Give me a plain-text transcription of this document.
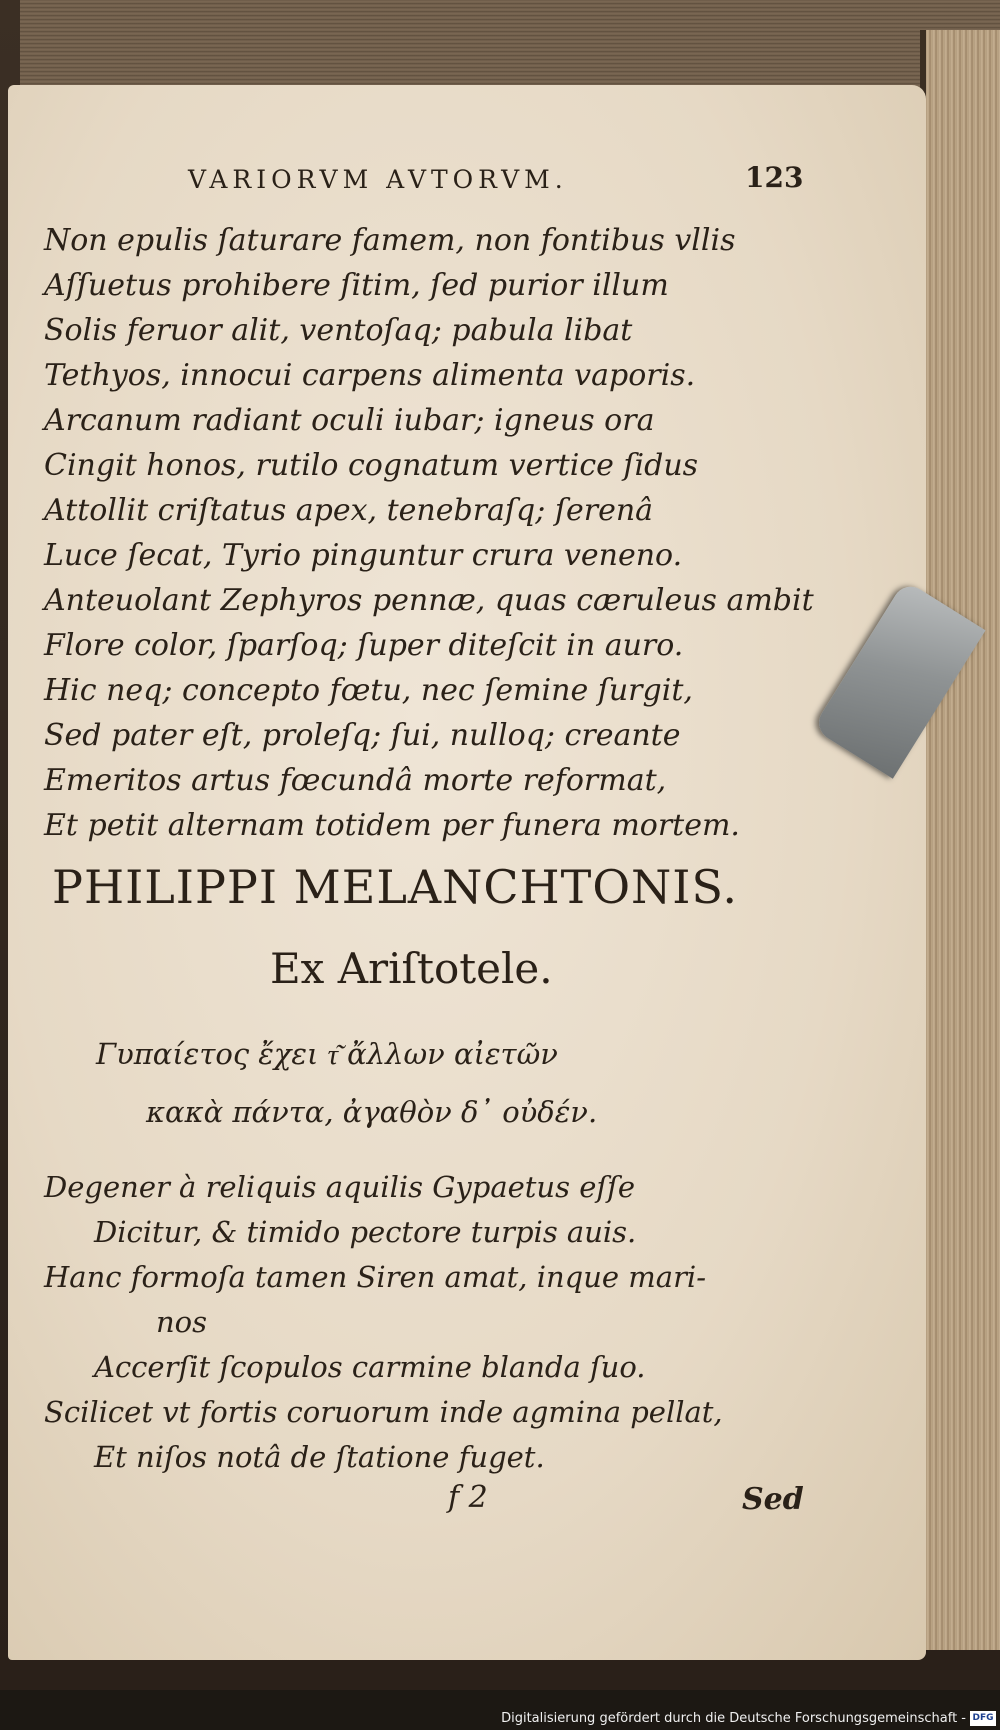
VARIORVM AVTORVM.	123
Non epulis ſaturare famem, non fontibus vllis
Aſſuetus prohibere ſitim, ſed purior illum
Solis feruor alit, ventoſaq; pabula libat
Tethyos, innocui carpens alimenta vaporis.
Arcanum radiant oculi iubar; igneus ora
Cingit honos, rutilo cognatum vertice ſidus
Attollit criſtatus apex, tenebraſq; ſerenâ
Luce ſecat, Tyrio pinguntur crura veneno.
Anteuolant Zephyros pennæ, quas cæruleus ambit
Flore color, ſparſoq; ſuper diteſcit in auro.
Hic neq; concepto fœtu, nec ſemine ſurgit,
Sed pater eſt, proleſq; ſui, nulloq; creante
Emeritos artus fœcundâ morte reformat,
Et petit alternam totidem per funera mortem.
PHILIPPI MELANCHTONIS.
Ex Ariſtotele.
Γυπαίετος ἔχει τ͂ ἄλλων αἰετῶν
κακὰ πάντα, ἀγαθὸν δ᾽ οὐδέν.
Degener à reliquis aquilis Gypaetus eſſe
Dicitur, & timido pectore turpis auis.
Hanc formoſa tamen Siren amat, inque mari-
nos
Accerſit ſcopulos carmine blanda ſuo.
Scilicet vt fortis coruorum inde agmina pellat,
Et niſos notâ de ſtatione fuget.
f 2	Sed
Digitalisierung gefördert durch die Deutsche Forschungsgemeinschaft - DFG
